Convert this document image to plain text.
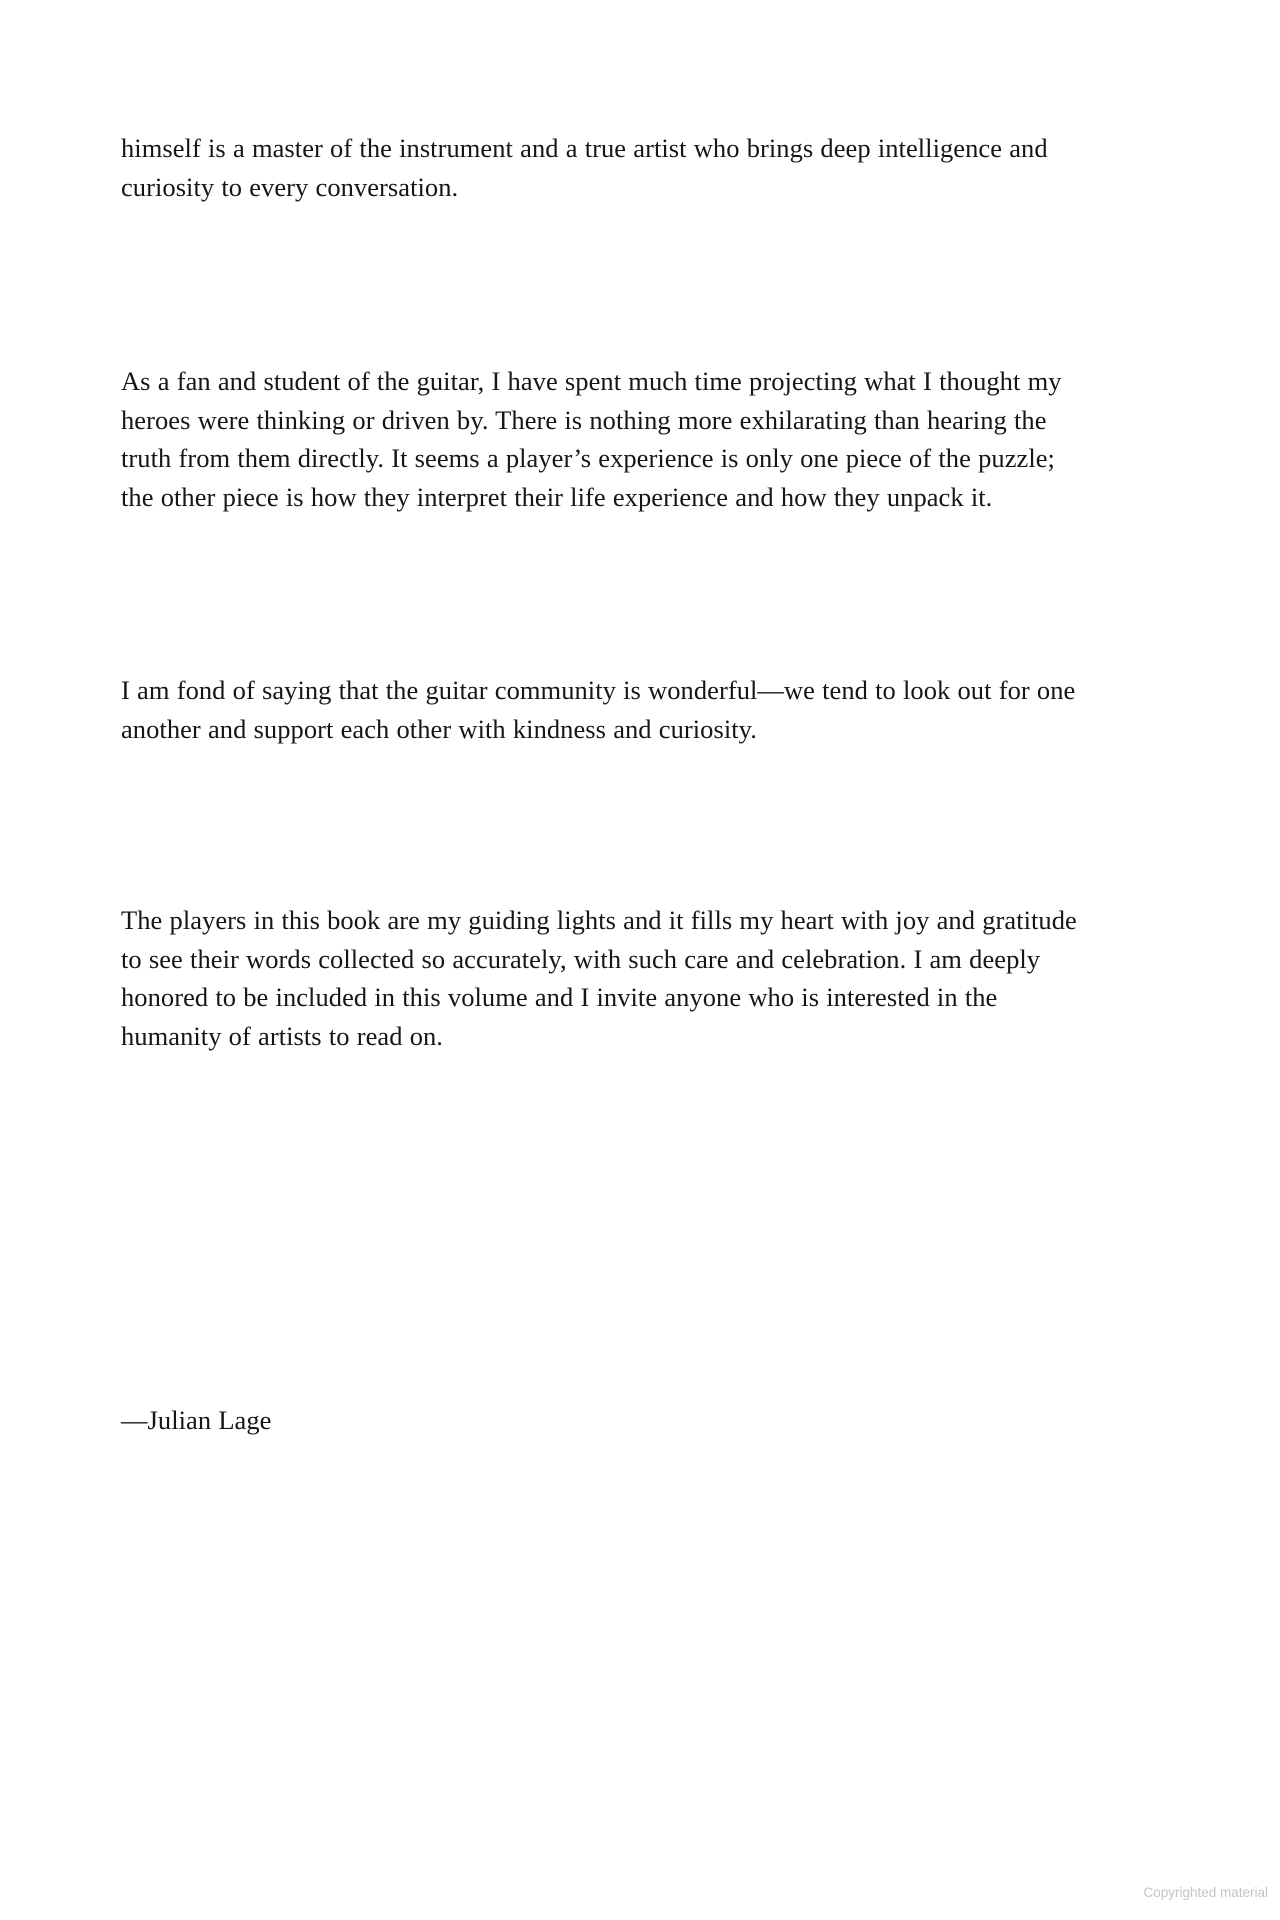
himself is a master of the instrument and a true artist who brings deep intelligence and
curiosity to every conversation.

As a fan and student of the guitar, I have spent much time projecting what I thought my
heroes were thinking or driven by. There is nothing more exhilarating than hearing the
truth from them directly. It seems a player’s experience is only one piece of the puzzle;
the other piece is how they interpret their life experience and how they unpack it.

I am fond of saying that the guitar community is wonderful—we tend to look out for one
another and support each other with kindness and curiosity.

The players in this book are my guiding lights and it fills my heart with joy and gratitude
to see their words collected so accurately, with such care and celebration. I am deeply
honored to be included in this volume and I invite anyone who is interested in the
humanity of artists to read on.

—Julian Lage

Copyrighted material
